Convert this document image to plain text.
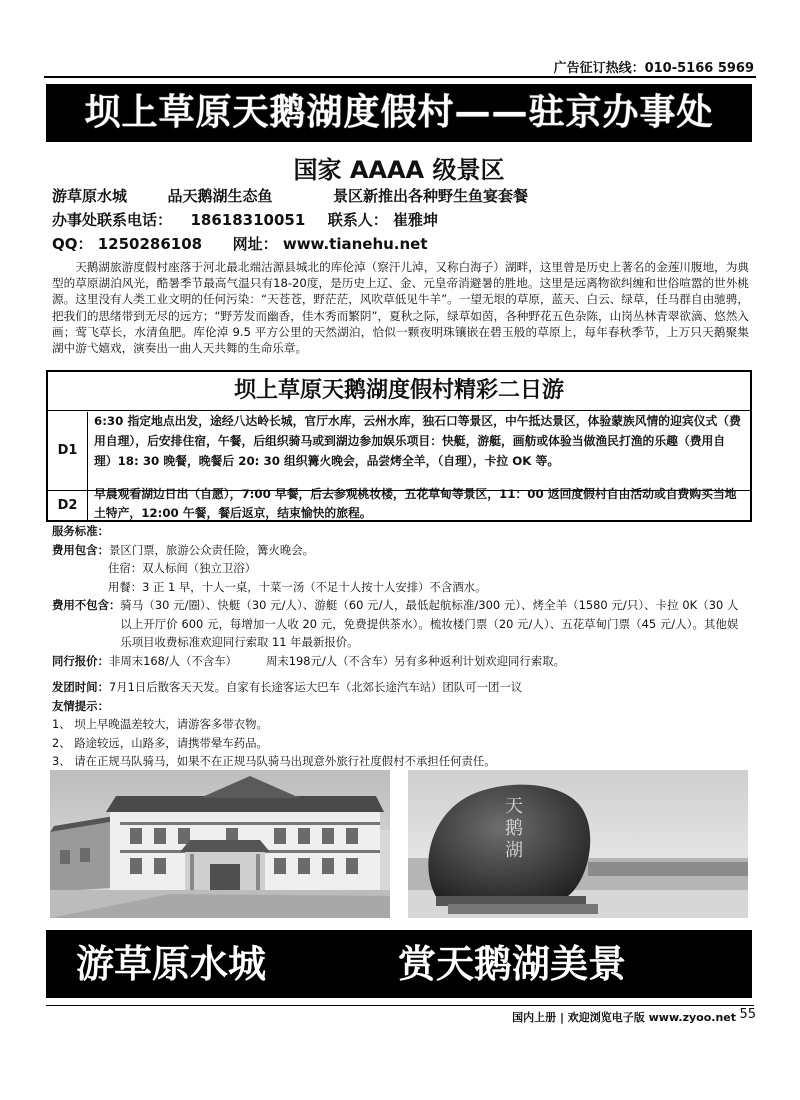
广告征订热线：010-5166 5969
坝上草原天鹅湖度假村——驻京办事处
国家 AAAA 级景区
游草原水城	品天鹅湖生态鱼	景区新推出各种野生鱼宴套餐
办事处联系电话： 18618310051 联系人： 崔雅坤
QQ： 1250286108 网址： www.tianehu.net
天鹅湖旅游度假村座落于河北最北端沽源县城北的库伦淖（察汗儿淖，又称白海子）湖畔，这里曾是历史上著名的金莲川腹地，为典型的草原湖泊风光，酷暑季节最高气温只有18-20度，是历史上辽、金、元皇帝消避暑的胜地。这里是远离物欲纠缠和世俗喧嚣的世外桃源。这里没有人类工业文明的任何污染：“天苍苍，野茫茫，风吹草低见牛羊”。一望无垠的草原，蓝天、白云、绿草，任马群自由驰骋，把我们的思绪带到无尽的远方；“野芳发而幽香，佳木秀而繁阴”，夏秋之际，绿草如茵，各种野花五色杂陈，山岗丛林青翠欲滴、悠然入画；莺飞草长，水清鱼肥。库伦淖 9.5 平方公里的天然湖泊，恰似一颗夜明珠镶嵌在碧玉般的草原上，每年春秋季节，上万只天鹅聚集湖中游弋嬉戏，演奏出一曲人天共舞的生命乐章。
坝上草原天鹅湖度假村精彩二日游
D1
6:30 指定地点出发，途经八达岭长城，官厅水库，云州水库，独石口等景区，中午抵达景区，体验蒙族风情的迎宾仪式（费用自理），后安排住宿，午餐，后组织骑马或到湖边参加娱乐项目：快艇，游艇，画舫或体验当做渔民打渔的乐趣（费用自理）18: 30 晚餐，晚餐后 20: 30 组织篝火晚会，品尝烤全羊，（自理），卡拉 OK 等。
D2
早晨观看湖边日出（自愿），7:00 早餐，后去参观桃妆楼，五花草甸等景区，11：00 返回度假村自由活动或自费购买当地土特产，12:00 午餐，餐后返京，结束愉快的旅程。
服务标准：
费用包含：景区门票，旅游公众责任险，篝火晚会。
住宿：双人标间（独立卫浴）
用餐：3 正 1 早，十人一桌，十菜一汤（不足十人按十人安排）不含酒水。
费用不包含： 骑马（30 元/圈）、快艇（30 元/人）、游艇（60 元/人，最低起航标准/300 元）、烤全羊（1580 元/只）、卡拉 0K（30 人以上开厅价 600 元，每增加一人收 20 元，免费提供茶水）。梳妆楼门票（20 元/人）、五花草甸门票（45 元/人）。其他娱乐项目收费标准欢迎同行索取 11 年最新报价。
同行报价：非周末168/人（不含车）        周末198元/人（不含车）另有多种返利计划欢迎同行索取。
发团时间：7月1日后散客天天发。自家有长途客运大巴车（北郊长途汽车站）团队可一团一议
友情提示：
1、 坝上早晚温差较大，请游客多带衣物。
2、 路途较远，山路多，请携带晕车药品。
3、 请在正规马队骑马，如果不在正规马队骑马出现意外旅行社度假村不承担任何责任。
天鹅湖
游草原水城	赏天鹅湖美景
国内上册 | 欢迎浏览电子版 www.zyoo.net 55
